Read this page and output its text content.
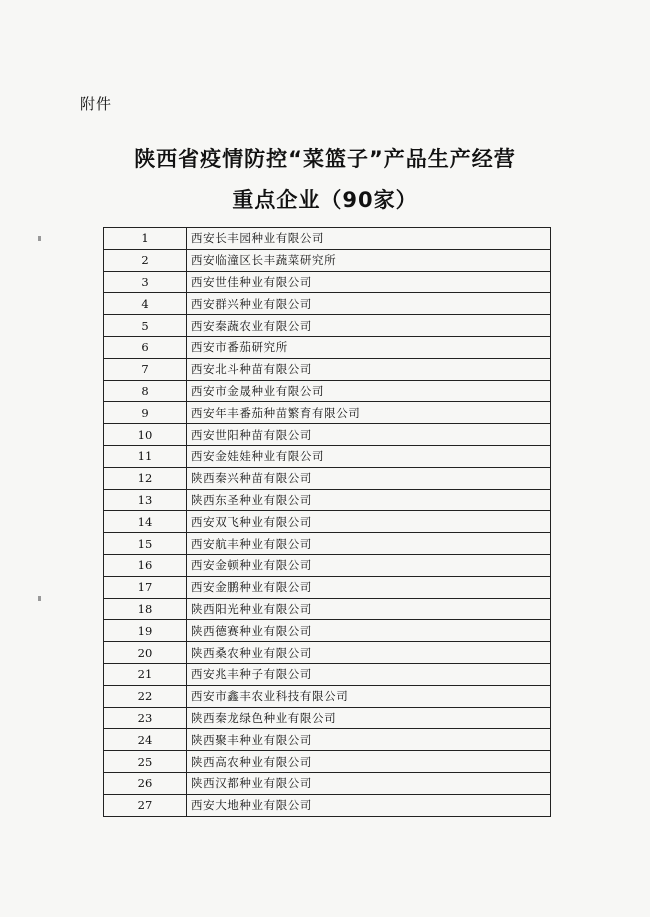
附件
陕西省疫情防控“菜篮子”产品生产经营
重点企业（90家）
1	西安长丰园种业有限公司
2	西安临潼区长丰蔬菜研究所
3	西安世佳种业有限公司
4	西安群兴种业有限公司
5	西安秦蔬农业有限公司
6	西安市番茄研究所
7	西安北斗种苗有限公司
8	西安市金晟种业有限公司
9	西安年丰番茄种苗繁育有限公司
10	西安世阳种苗有限公司
11	西安金娃娃种业有限公司
12	陕西秦兴种苗有限公司
13	陕西东圣种业有限公司
14	西安双飞种业有限公司
15	西安航丰种业有限公司
16	西安金顿种业有限公司
17	西安金鹏种业有限公司
18	陕西阳光种业有限公司
19	陕西德赛种业有限公司
20	陕西桑农种业有限公司
21	西安兆丰种子有限公司
22	西安市鑫丰农业科技有限公司
23	陕西秦龙绿色种业有限公司
24	陕西聚丰种业有限公司
25	陕西高农种业有限公司
26	陕西汉都种业有限公司
27	西安大地种业有限公司
